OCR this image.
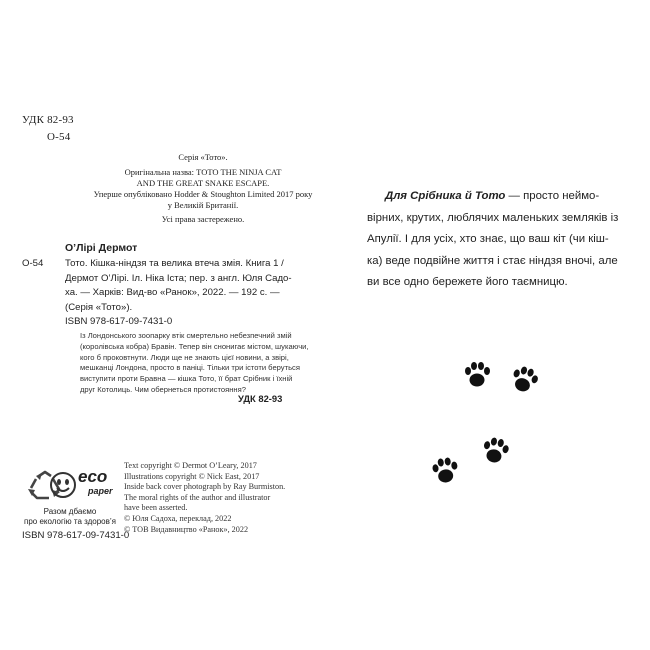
УДК 82-93
О-54
Серія «Тото».
Оригінальна назва: TOTO THE NINJA CAT
AND THE GREAT SNAKE ESCAPE.
Уперше опубліковано Hodder & Stoughton Limited 2017 року
у Великій Британії.
Усі права застережено.
О’Лірі Дермот
О-54 Тото. Кішка-ніндзя та велика втеча змія. Книга 1 /
Дермот О’Лірі. Іл. Ніка Іста; пер. з англ. Юля Садо-
ха. — Харків: Вид-во «Ранок», 2022. — 192 с. —
(Серія «Тото»).
ISBN 978-617-09-7431-0
Із Лондонського зоопарку втік смертельно небезпечний змій
(королівська кобра) Бравін. Тепер він снонигає містом, шукаючи,
кого б проковтнути. Люди ще не знають цієї новини, а звірі,
мешканці Лондона, просто в паніці. Тільки три істоти беруться
виступити проти Бравна — кішка Тото, її брат Срібник і їхній
друг Котолиць. Чим обернеться протистояння?
УДК 82-93
eco
paper
Разом дбаємо
про екологію та здоров’я
ISBN 978-617-09-7431-0
Text copyright © Dermot O’Leary, 2017
Illustrations copyright © Nick East, 2017
Inside back cover photograph by Ray Burmiston.
The moral rights of the author and illustrator
have been asserted.
© Юля Садоха, переклад, 2022
© ТОВ Видавництво «Ранок», 2022
Для Срібника й Тото — просто неймо-
вірних, крутих, люблячих маленьких земляків із
Апулії. І для усіх, хто знає, що ваш кіт (чи кіш-
ка) веде подвійне життя і стає ніндзя вночі, але
ви все одно бережете його таємницю.
